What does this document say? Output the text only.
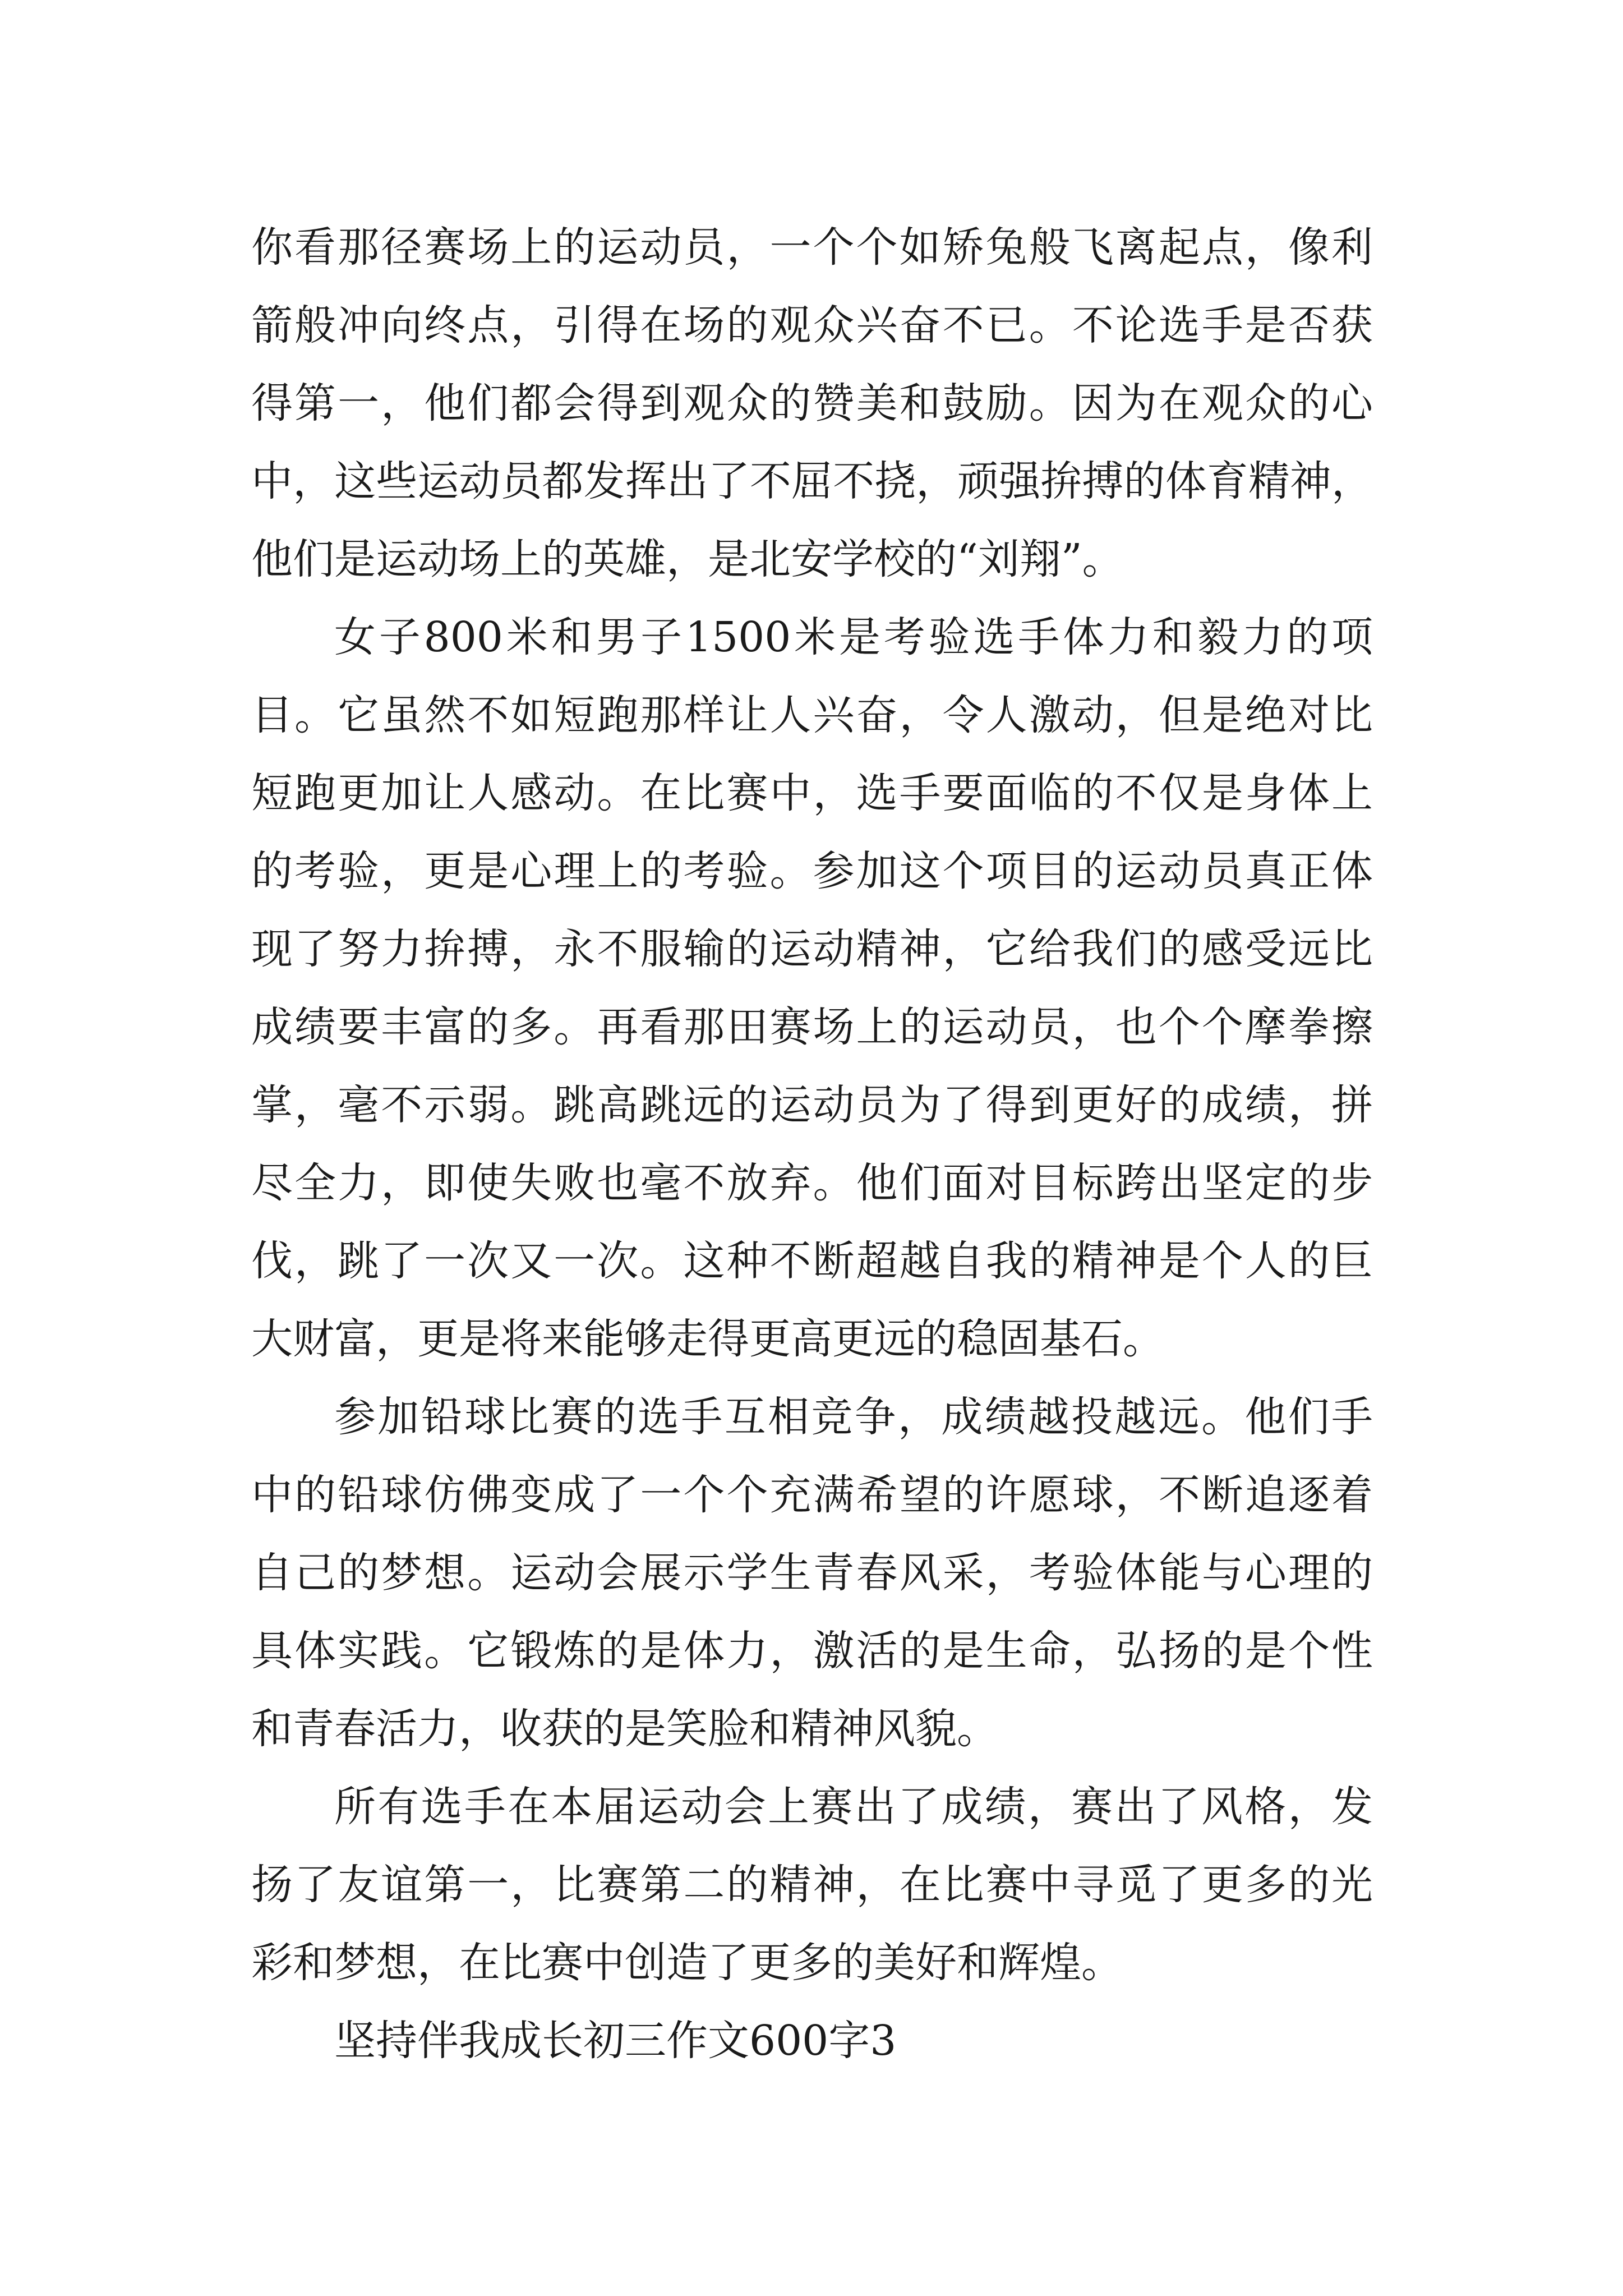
你看那径赛场上的运动员，一个个如矫兔般飞离起点，像利
箭般冲向终点，引得在场的观众兴奋不已。不论选手是否获
得第一，他们都会得到观众的赞美和鼓励。因为在观众的心
中，这些运动员都发挥出了不屈不挠，顽强拚搏的体育精神，
他们是运动场上的英雄，是北安学校的“刘翔”。
女子800米和男子1500米是考验选手体力和毅力的项
目。它虽然不如短跑那样让人兴奋，令人激动，但是绝对比
短跑更加让人感动。在比赛中，选手要面临的不仅是身体上
的考验，更是心理上的考验。参加这个项目的运动员真正体
现了努力拚搏，永不服输的运动精神，它给我们的感受远比
成绩要丰富的多。再看那田赛场上的运动员，也个个摩拳擦
掌，毫不示弱。跳高跳远的运动员为了得到更好的成绩，拼
尽全力，即使失败也毫不放弃。他们面对目标跨出坚定的步
伐，跳了一次又一次。这种不断超越自我的精神是个人的巨
大财富，更是将来能够走得更高更远的稳固基石。
参加铅球比赛的选手互相竞争，成绩越投越远。他们手
中的铅球仿佛变成了一个个充满希望的许愿球，不断追逐着
自己的梦想。运动会展示学生青春风采，考验体能与心理的
具体实践。它锻炼的是体力，激活的是生命，弘扬的是个性
和青春活力，收获的是笑脸和精神风貌。
所有选手在本届运动会上赛出了成绩，赛出了风格，发
扬了友谊第一，比赛第二的精神，在比赛中寻觅了更多的光
彩和梦想，在比赛中创造了更多的美好和辉煌。
坚持伴我成长初三作文600字3
